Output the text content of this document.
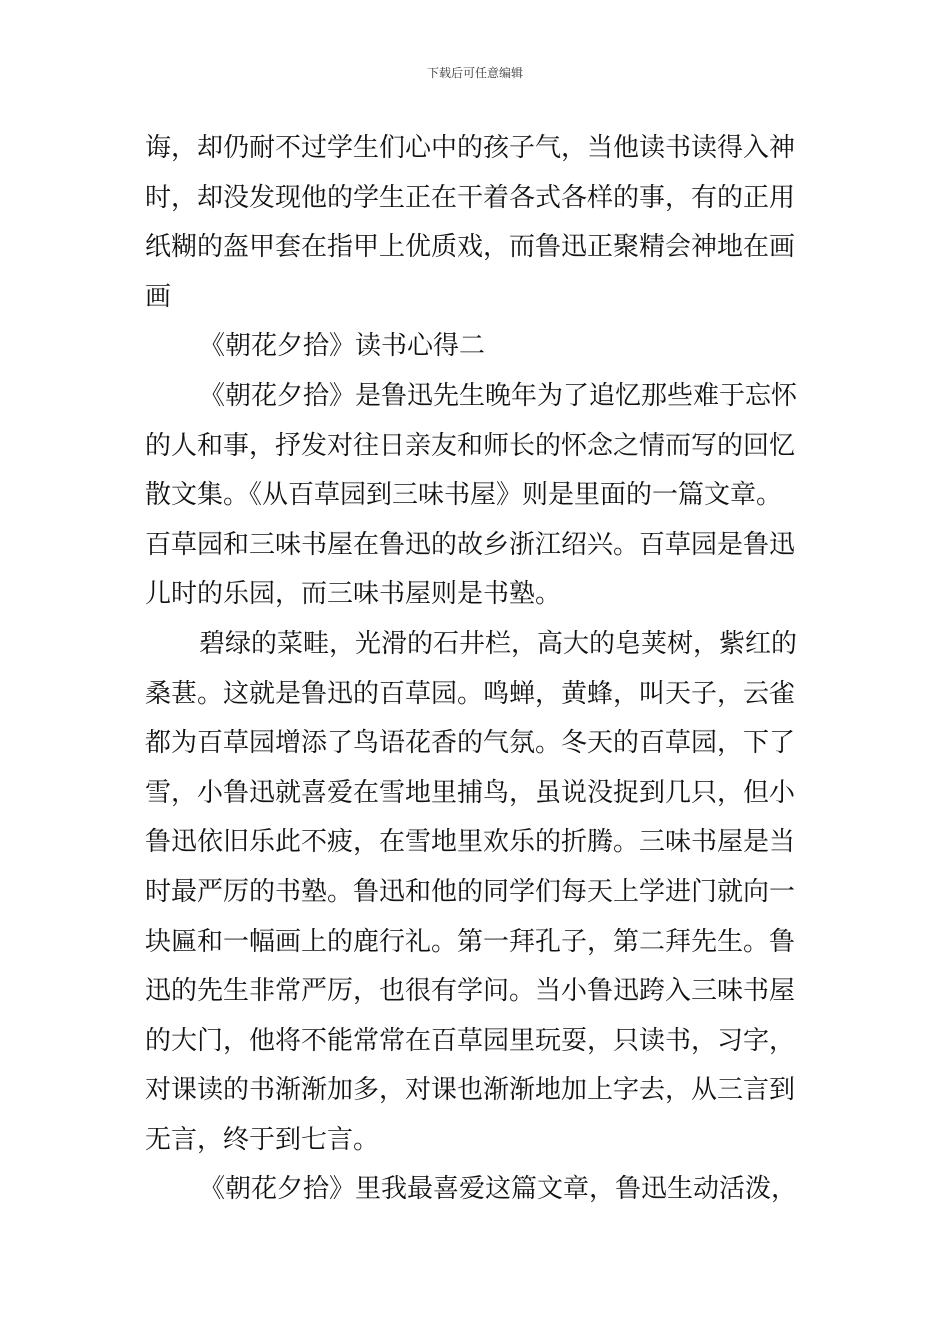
下载后可任意编辑
诲，却仍耐不过学生们心中的孩子气，当他读书读得入神
时，却没发现他的学生正在干着各式各样的事，有的正用
纸糊的盔甲套在指甲上优质戏，而鲁迅正聚精会神地在画
画
《朝花夕拾》读书心得二
《朝花夕拾》是鲁迅先生晚年为了追忆那些难于忘怀
的人和事，抒发对往日亲友和师长的怀念之情而写的回忆
散文集。《从百草园到三味书屋》则是里面的一篇文章。
百草园和三味书屋在鲁迅的故乡浙江绍兴。百草园是鲁迅
儿时的乐园，而三味书屋则是书塾。
碧绿的菜畦，光滑的石井栏，高大的皂荚树，紫红的
桑葚。这就是鲁迅的百草园。鸣蝉，黄蜂，叫天子，云雀
都为百草园增添了鸟语花香的气氛。冬天的百草园，下了
雪，小鲁迅就喜爱在雪地里捕鸟，虽说没捉到几只，但小
鲁迅依旧乐此不疲，在雪地里欢乐的折腾。三味书屋是当
时最严厉的书塾。鲁迅和他的同学们每天上学进门就向一
块匾和一幅画上的鹿行礼。第一拜孔子，第二拜先生。鲁
迅的先生非常严厉，也很有学问。当小鲁迅跨入三味书屋
的大门，他将不能常常在百草园里玩耍，只读书，习字，
对课读的书渐渐加多，对课也渐渐地加上字去，从三言到
无言，终于到七言。
《朝花夕拾》里我最喜爱这篇文章，鲁迅生动活泼，
